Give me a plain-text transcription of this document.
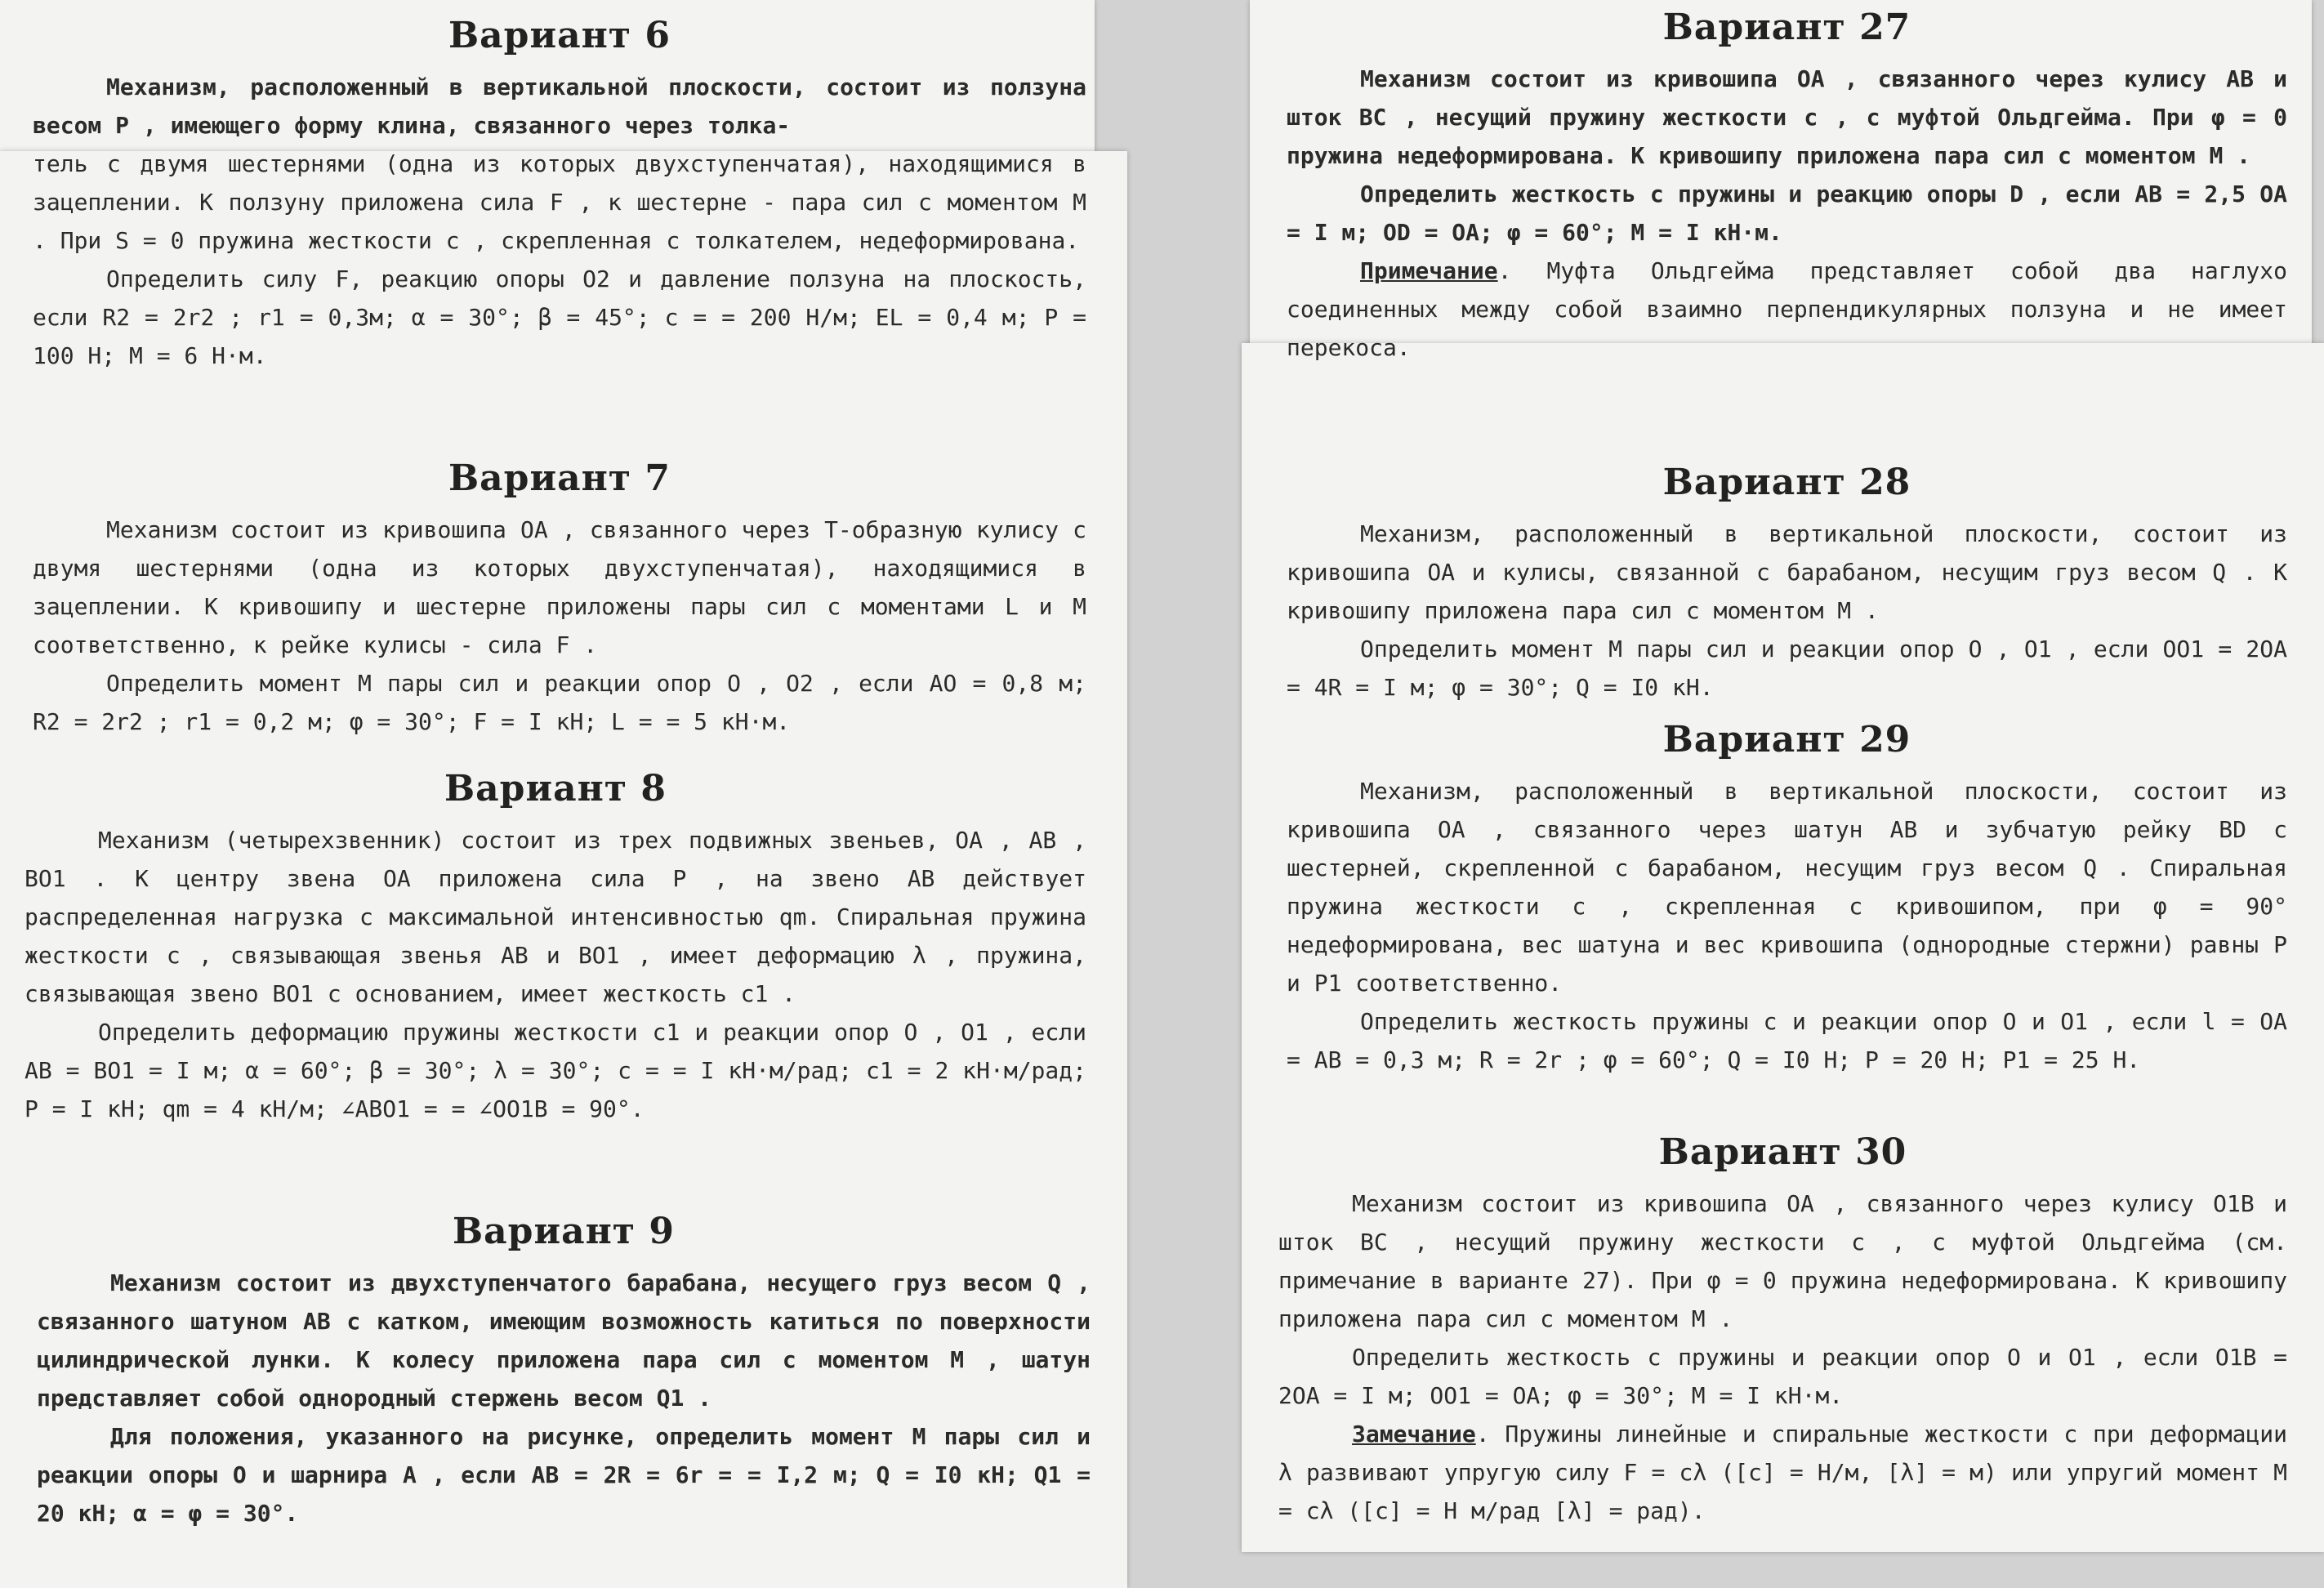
Вариант 6

Механизм, расположенный в вертикальной плоскости, состоит из ползуна весом P , имеющего форму клина, связанного через толка-

тель с двумя шестернями (одна из которых двухступенчатая), находящимися в зацеплении. К ползуну приложена сила F , к шестерне - пара сил с моментом M . При S = 0 пружина жесткости c , скрепленная с толкателем, недеформирована.

Определить силу F, реакцию опоры O2 и давление ползуна на плоскость, если R2 = 2r2 ; r1 = 0,3м; α = 30°; β = 45°; c = = 200 Н/м; EL = 0,4 м; P = 100 Н; M = 6 Н·м.

Вариант 7

Механизм состоит из кривошипа OA , связанного через T-образную кулису с двумя шестернями (одна из которых двухступенчатая), находящимися в зацеплении. К кривошипу и шестерне приложены пары сил с моментами L и M соответственно, к рейке кулисы - сила F .

Определить момент M пары сил и реакции опор O , O2 , если AO = 0,8 м; R2 = 2r2 ; r1 = 0,2 м; φ = 30°; F = I кН; L = = 5 кН·м.

Вариант 8

Механизм (четырехзвенник) состоит из трех подвижных звеньев, OA , AB , BO1 . К центру звена OA приложена сила P , на звено AB действует распределенная нагрузка с максимальной интенсивностью qm. Спиральная пружина жесткости c , связывающая звенья AB и BO1 , имеет деформацию λ , пружина, связывающая звено BO1 с основанием, имеет жесткость c1 .

Определить деформацию пружины жесткости c1 и реакции опор O , O1 , если AB = BO1 = I м; α = 60°; β = 30°; λ = 30°; c = = I кН·м/рад; c1 = 2 кН·м/рад; P = I кН; qm = 4 кН/м; ∠ABO1 = = ∠OO1B = 90°.

Вариант 9

Механизм состоит из двухступенчатого барабана, несущего груз весом Q , связанного шатуном AB с катком, имеющим возможность катиться по поверхности цилиндрической лунки. К колесу приложена пара сил с моментом M , шатун представляет собой однородный стержень весом Q1 .

Для положения, указанного на рисунке, определить момент M пары сил и реакции опоры O и шарнира A , если AB = 2R = 6r = = I,2 м; Q = I0 кН; Q1 = 20 кН; α = φ = 30°.

Вариант 27

Механизм состоит из кривошипа OA , связанного через кулису AB и шток BC , несущий пружину жесткости c , с муфтой Ольдгейма. При φ = 0 пружина недеформирована. К кривошипу приложена пара сил с моментом M .

Определить жесткость c пружины и реакцию опоры D , если AB = 2,5 OA = I м; OD = OA; φ = 60°; M = I кН·м.

Примечание. Муфта Ольдгейма представляет собой два наглухо соединенных между собой взаимно перпендикулярных ползуна и не имеет перекоса.

Вариант 28

Механизм, расположенный в вертикальной плоскости, состоит из кривошипа OA и кулисы, связанной с барабаном, несущим груз весом Q . К кривошипу приложена пара сил с моментом M .

Определить момент M пары сил и реакции опор O , O1 , если OO1 = 2OA = 4R = I м; φ = 30°; Q = I0 кН.

Вариант 29

Механизм, расположенный в вертикальной плоскости, состоит из кривошипа OA , связанного через шатун AB и зубчатую рейку BD с шестерней, скрепленной с барабаном, несущим груз весом Q . Спиральная пружина жесткости c , скрепленная с кривошипом, при φ = 90° недеформирована, вес шатуна и вес кривошипа (однородные стержни) равны P и P1 соответственно.

Определить жесткость пружины c и реакции опор O и O1 , если l = OA = AB = 0,3 м; R = 2r ; φ = 60°; Q = I0 Н; P = 20 Н; P1 = 25 Н.

Вариант 30

Механизм состоит из кривошипа OA , связанного через кулису O1B и шток BC , несущий пружину жесткости c , с муфтой Ольдгейма (см. примечание в варианте 27). При φ = 0 пружина недеформирована. К кривошипу приложена пара сил с моментом M .

Определить жесткость c пружины и реакции опор O и O1 , если O1B = 2OA = I м; OO1 = OA; φ = 30°; M = I кН·м.

Замечание. Пружины линейные и спиральные жесткости c при деформации λ развивают упругую силу F = cλ ([c] = Н/м, [λ] = м) или упругий момент M = cλ ([c] = Н м/рад [λ] = рад).
